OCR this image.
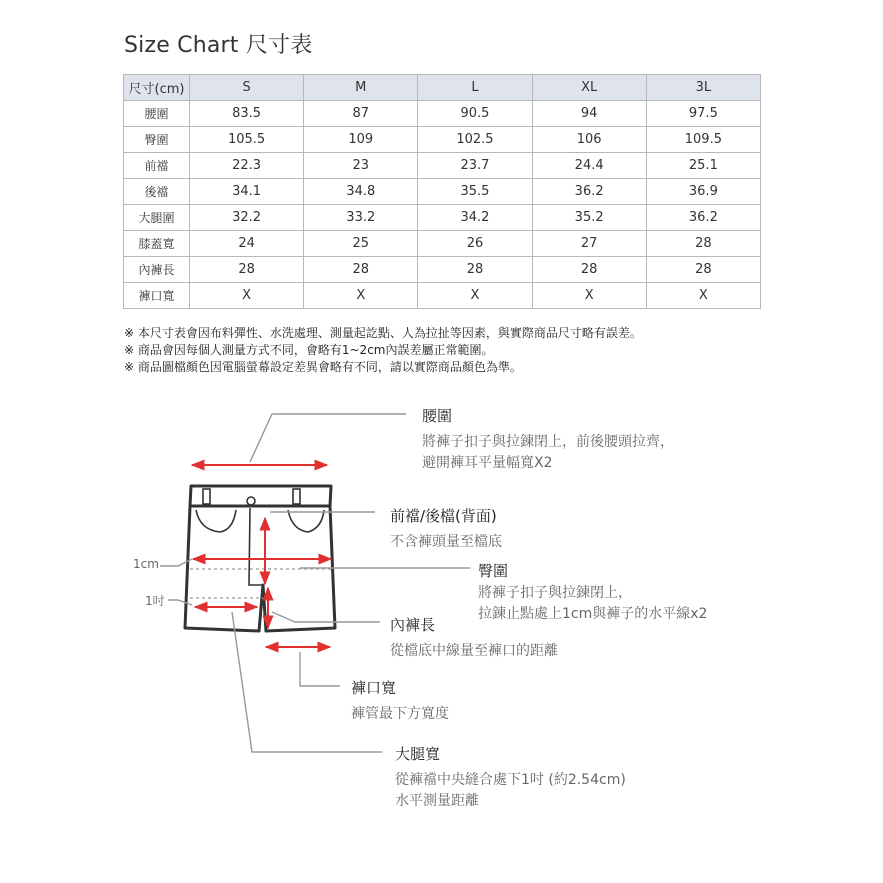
Size Chart 尺寸表
尺寸(cm)	S	M	L	XL	3L
腰圍	83.5	87	90.5	94	97.5
臀圍	105.5	109	102.5	106	109.5
前襠	22.3	23	23.7	24.4	25.1
後襠	34.1	34.8	35.5	36.2	36.9
大腿圍	32.2	33.2	34.2	35.2	36.2
膝蓋寬	24	25	26	27	28
內褲長	28	28	28	28	28
褲口寬	X	X	X	X	X
※ 本尺寸表會因布料彈性、水洗處理、測量起訖點、人為拉扯等因素，與實際商品尺寸略有誤差。
※ 商品會因每個人測量方式不同，會略有1~2cm內誤差屬正常範圍。
※ 商品圖檔顏色因電腦螢幕設定差異會略有不同，請以實際商品顏色為準。
1cm
1吋
腰圍
將褲子扣子與拉鍊閉上，前後腰頭拉齊，
避開褲耳平量幅寬X2
前襠/後檔(背面)
不含褲頭量至檔底
臀圍
將褲子扣子與拉鍊閉上，
拉鍊止點處上1cm與褲子的水平線x2
內褲長
從檔底中線量至褲口的距離
褲口寬
褲管最下方寬度
大腿寬
從褲襠中央縫合處下1吋 (約2.54cm)
水平測量距離
